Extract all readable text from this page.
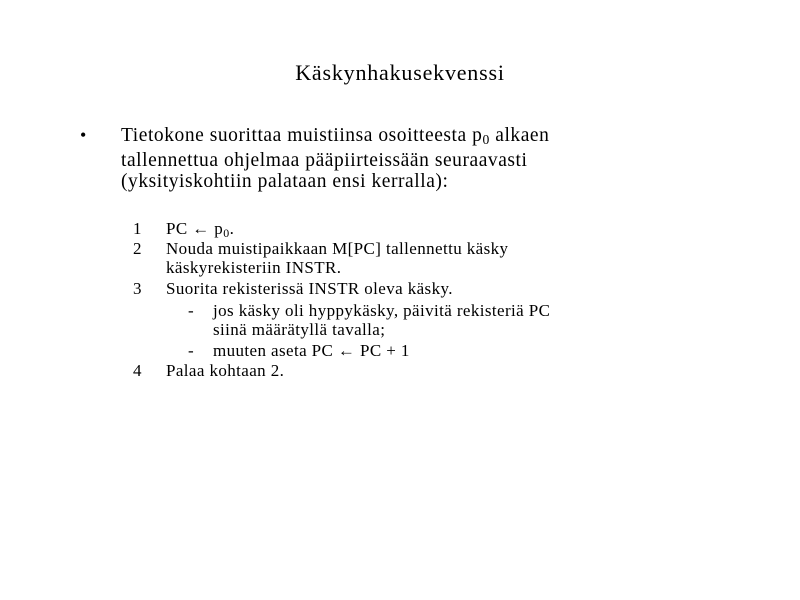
Käskynhakusekvenssi
• Tietokone suorittaa muistiinsa osoitteesta $p_0$ alkaen
tallennettua ohjelmaa pääpiirteissään seuraavasti
(yksityiskohtiin palataan ensi kerralla):
1 PC ← $p_0$.
2 Nouda muistipaikkaan M[PC] tallennettu käsky
käskyrekisteriin INSTR.
3 Suorita rekisterissä INSTR oleva käsky.
- jos käsky oli hyppykäsky, päivitä rekisteriä PC
siinä määrätyllä tavalla;
- muuten aseta PC ← PC + 1
4 Palaa kohtaan 2.
